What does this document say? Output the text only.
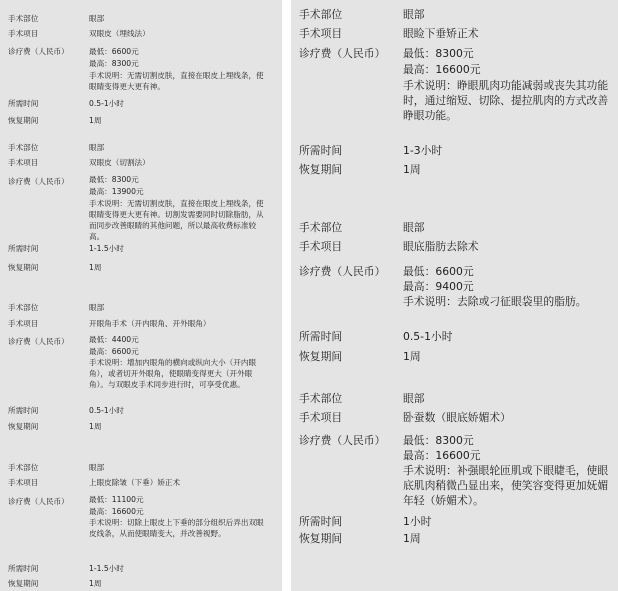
手术部位	眼部
手术项目	双眼皮（埋线法）
诊疗费（人民币）	最低：6600元
最高：8300元
手术说明：无需切割皮肤，直接在眼皮上埋线条，使眼睛变得更大更有神。
所需时间	0.5-1小时
恢复期间	1周
手术部位	眼部
手术项目	双眼皮（切割法）
诊疗费（人民币）	最低：8300元
最高：13900元
手术说明：无需切割皮肤，直接在眼皮上埋线条，使眼睛变得更大更有神。切割发需要同时切除脂肪，从而同步改善眼睛的其他问题，所以最高收费标准较高。
所需时间	1-1.5小时
恢复期间	1周
手术部位	眼部
手术项目	开眼角手术（开内眼角、开外眼角）
诊疗费（人民币）	最低：4400元
最高：6600元
手术说明：增加内眼角的横向或纵向大小（开内眼角），或者切开外眼角，使眼睛变得更大（开外眼角）。与双眼皮手术同步进行时，可享受优惠。
所需时间	0.5-1小时
恢复期间	1周
手术部位	眼部
手术项目	上眼皮除皱（下垂）矫正术
诊疗费（人民币）	最低：11100元
最高：16600元
手术说明：切除上眼皮上下垂的部分组织后弄出双眼皮线条，从而使眼睛变大，并改善视野。
所需时间	1-1.5小时
恢复期间	1周
手术部位	眼部
手术项目	眼睑下垂矫正术
诊疗费（人民币） 最低：8300元
最高：16600元
手术说明：睁眼肌肉功能减弱或丧失其功能时，通过缩短、切除、提拉肌肉的方式改善睁眼功能。
所需时间	1-3小时
恢复期间	1周
手术部位	眼部
手术项目	眼底脂肪去除术
诊疗费（人民币） 最低：6600元
最高：9400元
手术说明：去除或刁征眼袋里的脂肪。
所需时间	0.5-1小时
恢复期间	1周
手术部位	眼部
手术项目	卧蚕数（眼底娇媚术）
诊疗费（人民币） 最低：8300元
最高：16600元
手术说明：补强眼轮匝肌或下眼睫毛，使眼底肌肉稍微凸显出来，使笑容变得更加妩媚年轻（娇媚术）。
所需时间	1小时
恢复期间	1周
